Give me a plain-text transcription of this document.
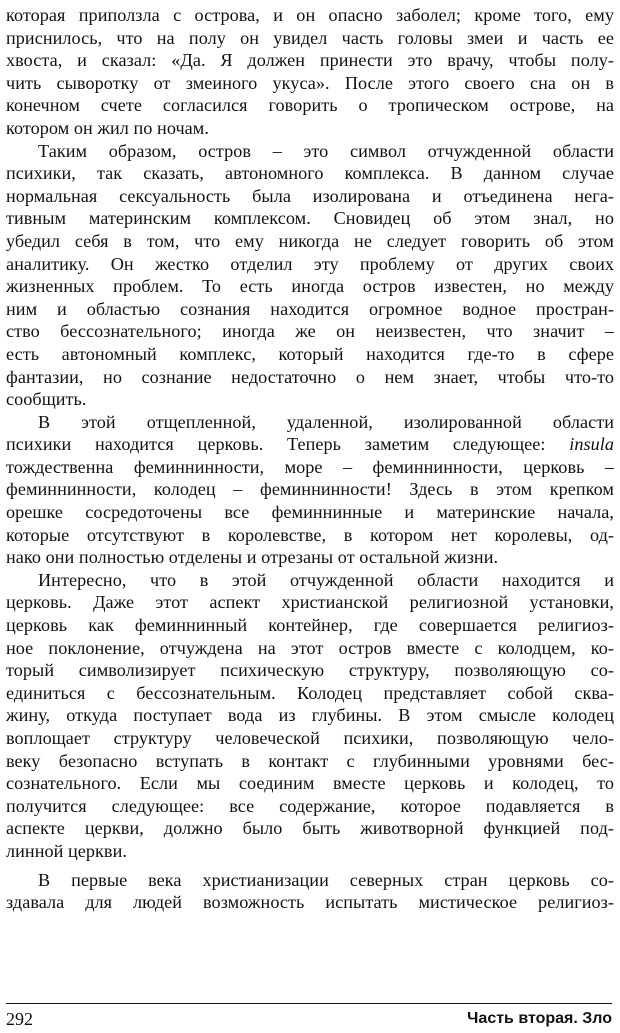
которая приползла с острова, и он опасно заболел; кроме того, ему
приснилось, что на полу он увидел часть головы змеи и часть ее
хвоста, и сказал: «Да. Я должен принести это врачу, чтобы полу-
чить сыворотку от змеиного укуса». После этого своего сна он в
конечном счете согласился говорить о тропическом острове, на
котором он жил по ночам.
Таким образом, остров – это символ отчужденной области
психики, так сказать, автономного комплекса. В данном случае
нормальная сексуальность была изолирована и отъединена нега-
тивным материнским комплексом. Сновидец об этом знал, но
убедил себя в том, что ему никогда не следует говорить об этом
аналитику. Он жестко отделил эту проблему от других своих
жизненных проблем. То есть иногда остров известен, но между
ним и областью сознания находится огромное водное простран-
ство бессознательного; иногда же он неизвестен, что значит –
есть автономный комплекс, который находится где-то в сфере
фантазии, но сознание недостаточно о нем знает, чтобы что-то
сообщить.
В этой отщепленной, удаленной, изолированной области
психики находится церковь. Теперь заметим следующее: insula
тождественна феминнинности, море – феминнинности, церковь –
феминнинности, колодец – феминнинности! Здесь в этом крепком
орешке сосредоточены все феминнинные и материнские начала,
которые отсутствуют в королевстве, в котором нет королевы, од-
нако они полностью отделены и отрезаны от остальной жизни.
Интересно, что в этой отчужденной области находится и
церковь. Даже этот аспект христианской религиозной установки,
церковь как феминнинный контейнер, где совершается религиоз-
ное поклонение, отчуждена на этот остров вместе с колодцем, ко-
торый символизирует психическую структуру, позволяющую со-
единиться с бессознательным. Колодец представляет собой сква-
жину, откуда поступает вода из глубины. В этом смысле колодец
воплощает структуру человеческой психики, позволяющую чело-
веку безопасно вступать в контакт с глубинными уровнями бес-
сознательного. Если мы соединим вместе церковь и колодец, то
получится следующее: все содержание, которое подавляется в
аспекте церкви, должно было быть животворной функцией под-
линной церкви.
В первые века христианизации северных стран церковь со-
здавала для людей возможность испытать мистическое религиоз-
292	Часть вторая. Зло
